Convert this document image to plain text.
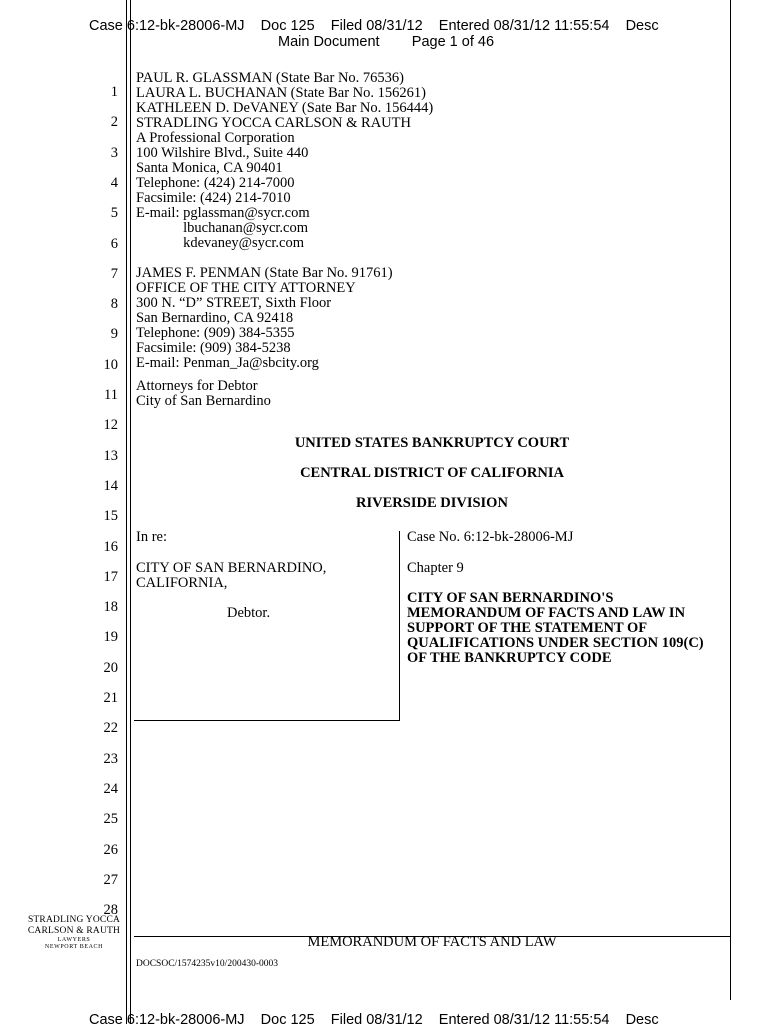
Case 6:12-bk-28006-MJ    Doc 125    Filed 08/31/12    Entered 08/31/12 11:55:54    Desc
Main Document        Page 1 of 46
1
2
3
4
5
6
7
8
9
10
11
12
13
14
15
16
17
18
19
20
21
22
23
24
25
26
27
28
PAUL R. GLASSMAN (State Bar No. 76536)
LAURA L. BUCHANAN (State Bar No. 156261)
KATHLEEN D. DeVANEY (Sate Bar No. 156444)
STRADLING YOCCA CARLSON & RAUTH
A Professional Corporation
100 Wilshire Blvd., Suite 440
Santa Monica, CA 90401
Telephone: (424) 214-7000
Facsimile: (424) 214-7010
E-mail: pglassman@sycr.com
lbuchanan@sycr.com
kdevaney@sycr.com
JAMES F. PENMAN (State Bar No. 91761)
OFFICE OF THE CITY ATTORNEY
300 N. “D” STREET, Sixth Floor
San Bernardino, CA 92418
Telephone: (909) 384-5355
Facsimile: (909) 384-5238
E-mail: Penman_Ja@sbcity.org
Attorneys for Debtor
City of San Bernardino
UNITED STATES BANKRUPTCY COURT
CENTRAL DISTRICT OF CALIFORNIA
RIVERSIDE DIVISION
In re:
CITY OF SAN BERNARDINO,
CALIFORNIA,
Debtor.
Case No. 6:12-bk-28006-MJ
Chapter 9
CITY OF SAN BERNARDINO'S
MEMORANDUM OF FACTS AND LAW IN
SUPPORT OF THE STATEMENT OF
QUALIFICATIONS UNDER SECTION 109(C)
OF THE BANKRUPTCY CODE
STRADLING YOCCA
CARLSON & RAUTH
LAWYERS
NEWPORT BEACH	MEMORANDUM OF FACTS AND LAW
DOCSOC/1574235v10/200430-0003
Case 6:12-bk-28006-MJ    Doc 125    Filed 08/31/12    Entered 08/31/12 11:55:54    Desc
